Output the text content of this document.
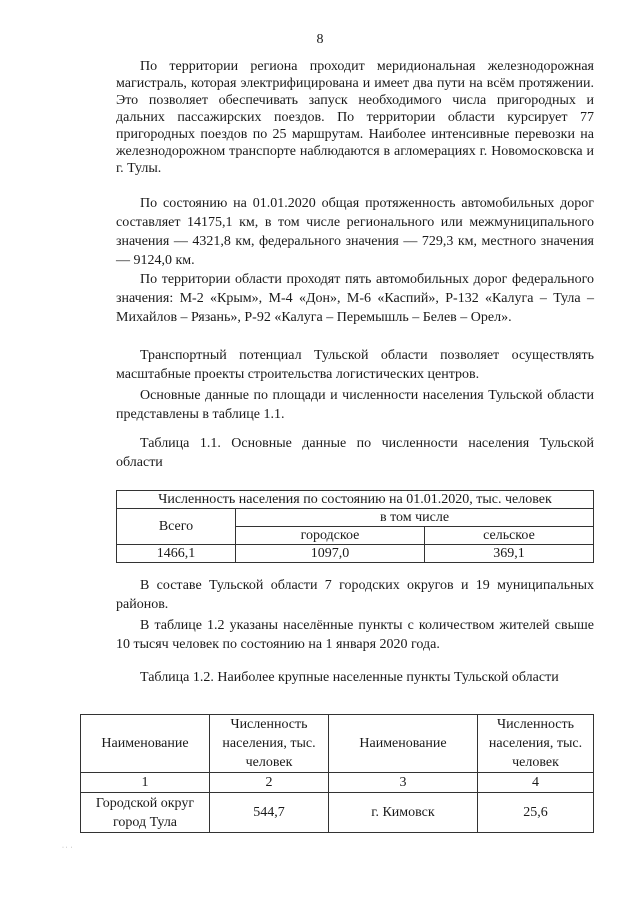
8

По территории региона проходит меридиональная железнодорожная магистраль, которая электрифицирована и имеет два пути на всём протяжении. Это позволяет обеспечивать запуск необходимого числа пригородных и дальних пассажирских поездов. По территории области курсирует 77 пригородных поездов по 25 маршрутам. Наиболее интенсивные перевозки на железнодорожном транспорте наблюдаются в агломерациях г. Новомосковска и г. Тулы.

По состоянию на 01.01.2020 общая протяженность автомобильных дорог составляет 14175,1 км, в том числе регионального или межмуниципального значения — 4321,8 км, федерального значения — 729,3 км, местного значения — 9124,0 км.

По территории области проходят пять автомобильных дорог федерального значения: М-2 «Крым», М-4 «Дон», М-6 «Каспий», Р-132 «Калуга – Тула – Михайлов – Рязань», Р-92 «Калуга – Перемышль – Белев – Орел».

Транспортный потенциал Тульской области позволяет осуществлять масштабные проекты строительства логистических центров.

Основные данные по площади и численности населения Тульской области представлены в таблице 1.1.

Таблица 1.1. Основные данные по численности населения Тульской области

Численность населения по состоянию на 01.01.2020, тыс. человек		
Всего	в том числе	
	городское	сельское
1466,1	1097,0	369,1

В составе Тульской области 7 городских округов и 19 муниципальных районов.

В таблице 1.2 указаны населённые пункты с количеством жителей свыше 10 тысяч человек по состоянию на 1 января 2020 года.

Таблица 1.2. Наиболее крупные населенные пункты Тульской области

Наименование	Численность населения, тыс. человек	Наименование	Численность населения, тыс. человек
1	2	3	4
Городской округ город Тула	544,7	г. Кимовск	25,6
· ·  ·
